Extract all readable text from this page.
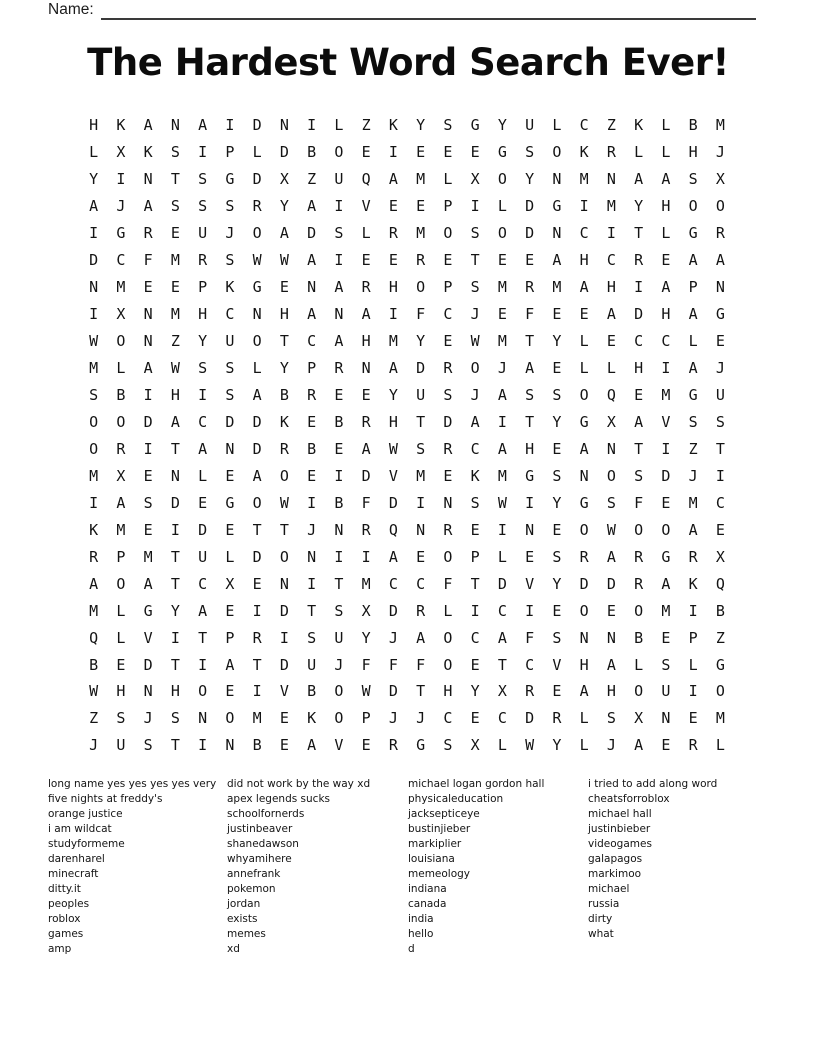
Name:
The Hardest Word Search Ever!
H	K	A	N	A	I	D	N	I	L	Z	K	Y	S	G	Y	U	L	C	Z	K	L	B	M
L	X	K	S	I	P	L	D	B	O	E	I	E	E	E	G	S	O	K	R	L	L	H	J
Y	I	N	T	S	G	D	X	Z	U	Q	A	M	L	X	O	Y	N	M	N	A	A	S	X
A	J	A	S	S	S	R	Y	A	I	V	E	E	P	I	L	D	G	I	M	Y	H	O	O
I	G	R	E	U	J	O	A	D	S	L	R	M	O	S	O	D	N	C	I	T	L	G	R
D	C	F	M	R	S	W	W	A	I	E	E	R	E	T	E	E	A	H	C	R	E	A	A
N	M	E	E	P	K	G	E	N	A	R	H	O	P	S	M	R	M	A	H	I	A	P	N
I	X	N	M	H	C	N	H	A	N	A	I	F	C	J	E	F	E	E	A	D	H	A	G
W	O	N	Z	Y	U	O	T	C	A	H	M	Y	E	W	M	T	Y	L	E	C	C	L	E
M	L	A	W	S	S	L	Y	P	R	N	A	D	R	O	J	A	E	L	L	H	I	A	J
S	B	I	H	I	S	A	B	R	E	E	Y	U	S	J	A	S	S	O	Q	E	M	G	U
O	O	D	A	C	D	D	K	E	B	R	H	T	D	A	I	T	Y	G	X	A	V	S	S
O	R	I	T	A	N	D	R	B	E	A	W	S	R	C	A	H	E	A	N	T	I	Z	T
M	X	E	N	L	E	A	O	E	I	D	V	M	E	K	M	G	S	N	O	S	D	J	I
I	A	S	D	E	G	O	W	I	B	F	D	I	N	S	W	I	Y	G	S	F	E	M	C
K	M	E	I	D	E	T	T	J	N	R	Q	N	R	E	I	N	E	O	W	O	O	A	E
R	P	M	T	U	L	D	O	N	I	I	A	E	O	P	L	E	S	R	A	R	G	R	X
A	O	A	T	C	X	E	N	I	T	M	C	C	F	T	D	V	Y	D	D	R	A	K	Q
M	L	G	Y	A	E	I	D	T	S	X	D	R	L	I	C	I	E	O	E	O	M	I	B
Q	L	V	I	T	P	R	I	S	U	Y	J	A	O	C	A	F	S	N	N	B	E	P	Z
B	E	D	T	I	A	T	D	U	J	F	F	F	O	E	T	C	V	H	A	L	S	L	G
W	H	N	H	O	E	I	V	B	O	W	D	T	H	Y	X	R	E	A	H	O	U	I	O
Z	S	J	S	N	O	M	E	K	O	P	J	J	C	E	C	D	R	L	S	X	N	E	M
J	U	S	T	I	N	B	E	A	V	E	R	G	S	X	L	W	Y	L	J	A	E	R	L
long name yes yes yes yes very
five nights at freddy's
orange justice
i am wildcat
studyformeme
darenharel
minecraft
ditty.it
peoples
roblox
games
amp
did not work by the way xd
apex legends sucks
schoolfornerds
justinbeaver
shanedawson
whyamihere
annefrank
pokemon
jordan
exists
memes
xd
michael logan gordon hall
physicaleducation
jacksepticeye
bustinjieber
markiplier
louisiana
memeology
indiana
canada
india
hello
d
i tried to add along word
cheatsforroblox
michael hall
justinbieber
videogames
galapagos
markimoo
michael
russia
dirty
what
